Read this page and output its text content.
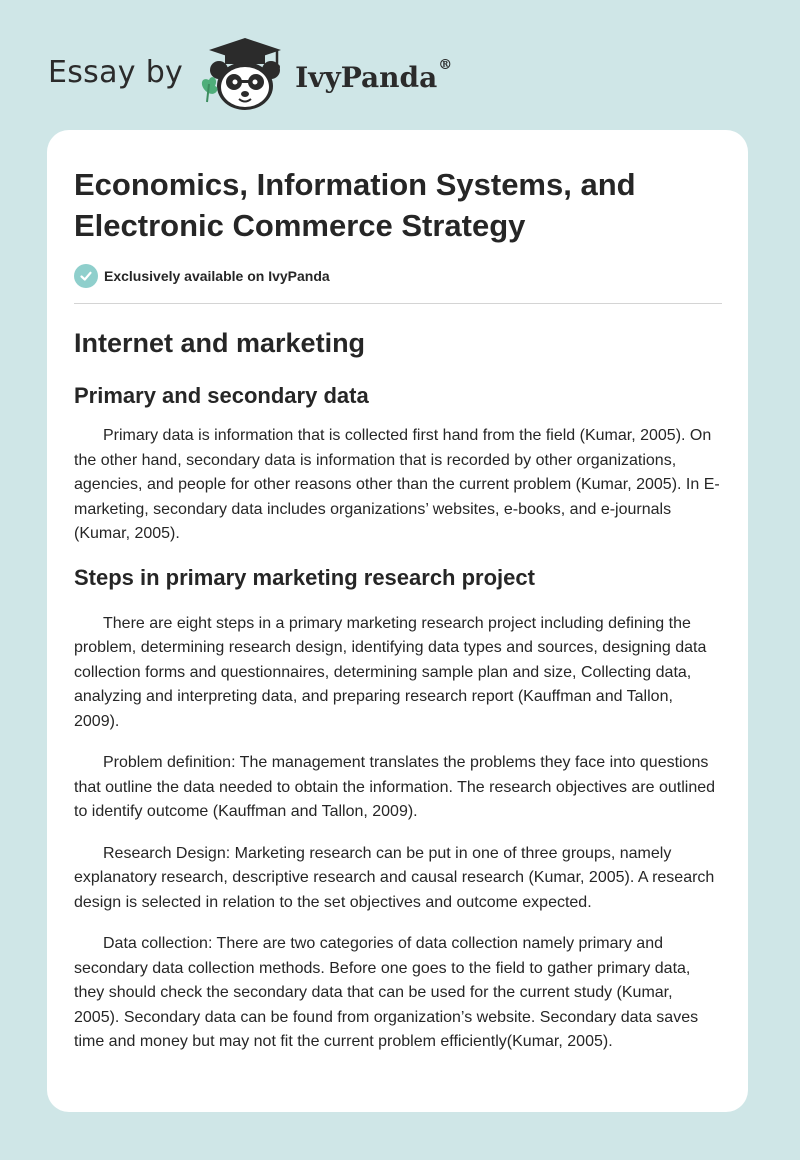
Essay by	IvyPanda®
Economics, Information Systems, and Electronic Commerce Strategy
Exclusively available on IvyPanda
Internet and marketing
Primary and secondary data

Primary data is information that is collected first hand from the field (Kumar, 2005). On the other hand, secondary data is information that is recorded by other organizations, agencies, and people for other reasons other than the current problem (Kumar, 2005). In E-marketing, secondary data includes organizations’ websites, e-books, and e-journals (Kumar, 2005).

Steps in primary marketing research project

There are eight steps in a primary marketing research project including defining the problem, determining research design, identifying data types and sources, designing data collection forms and questionnaires, determining sample plan and size, Collecting data, analyzing and interpreting data, and preparing research report (Kauffman and Tallon, 2009).

Problem definition: The management translates the problems they face into questions that outline the data needed to obtain the information. The research objectives are outlined to identify outcome (Kauffman and Tallon, 2009).

Research Design: Marketing research can be put in one of three groups, namely explanatory research, descriptive research and causal research (Kumar, 2005). A research design is selected in relation to the set objectives and outcome expected.

Data collection: There are two categories of data collection namely primary and secondary data collection methods. Before one goes to the field to gather primary data, they should check the secondary data that can be used for the current study (Kumar, 2005). Secondary data can be found from organization’s website. Secondary data saves time and money but may not fit the current problem efficiently(Kumar, 2005).
